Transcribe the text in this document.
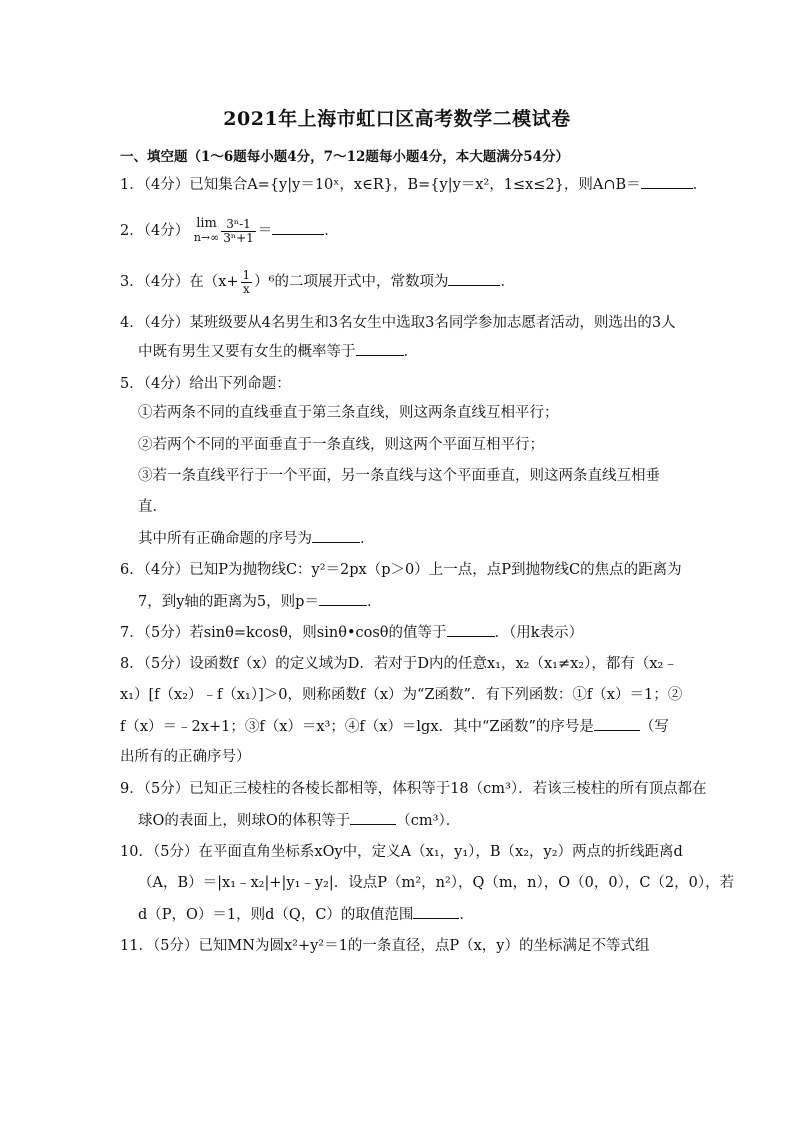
2021年上海市虹口区高考数学二模试卷
一、填空题（1～6题每小题4分，7～12题每小题4分，本大题满分54分）
1．（4分）已知集合A={y|y＝10ˣ，x∈R}，B={y|y＝x²，1≤x≤2}，则A∩B＝	．
2．（4分） lim
$n\to\infty \frac{\text{3ⁿ-1}}{\text{3ⁿ+1}}$ ＝	．
3．（4分）在$(x+ \frac{1}{x} )^6$的二项展开式中，常数项为	．
4．（4分）某班级要从4名男生和3名女生中选取3名同学参加志愿者活动，则选出的3人
中既有男生又要有女生的概率等于	．
5．（4分）给出下列命题：
①若两条不同的直线垂直于第三条直线，则这两条直线互相平行；
②若两个不同的平面垂直于一条直线，则这两个平面互相平行；
③若一条直线平行于一个平面，另一条直线与这个平面垂直，则这两条直线互相垂
直．
其中所有正确命题的序号为	．
6．（4分）已知P为抛物线C：y²＝2px（p＞0）上一点，点P到抛物线C的焦点的距离为
7，到y轴的距离为5，则p＝	．
7．（5分）若sinθ=kcosθ，则sinθ•cosθ的值等于	．（用k表示）
8．（5分）设函数f（x）的定义域为D．若对于D内的任意x₁，x₂（x₁≠x₂），都有（x₂﹣
x₁）[f（x₂）﹣f（x₁）]＞0，则称函数f（x）为“Z函数”．有下列函数：①f（x）＝1；②
f（x）＝﹣2x+1；③f（x）＝x³；④f（x）＝lgx．其中“Z函数”的序号是	（写
出所有的正确序号）
9．（5分）已知正三棱柱的各棱长都相等，体积等于18（cm³）．若该三棱柱的所有顶点都在
球O的表面上，则球O的体积等于	（cm³）．
10．（5分）在平面直角坐标系xOy中，定义A（x₁，y₁），B（x₂，y₂）两点的折线距离d
（A，B）＝|x₁﹣x₂|+|y₁﹣y₂|．设点P（m²，n²），Q（m，n），O（0，0），C（2，0），若
d（P，O）＝1，则d（Q，C）的取值范围	．
11．（5分）已知MN为圆x²+y²＝1的一条直径，点P（x，y）的坐标满足不等式组
